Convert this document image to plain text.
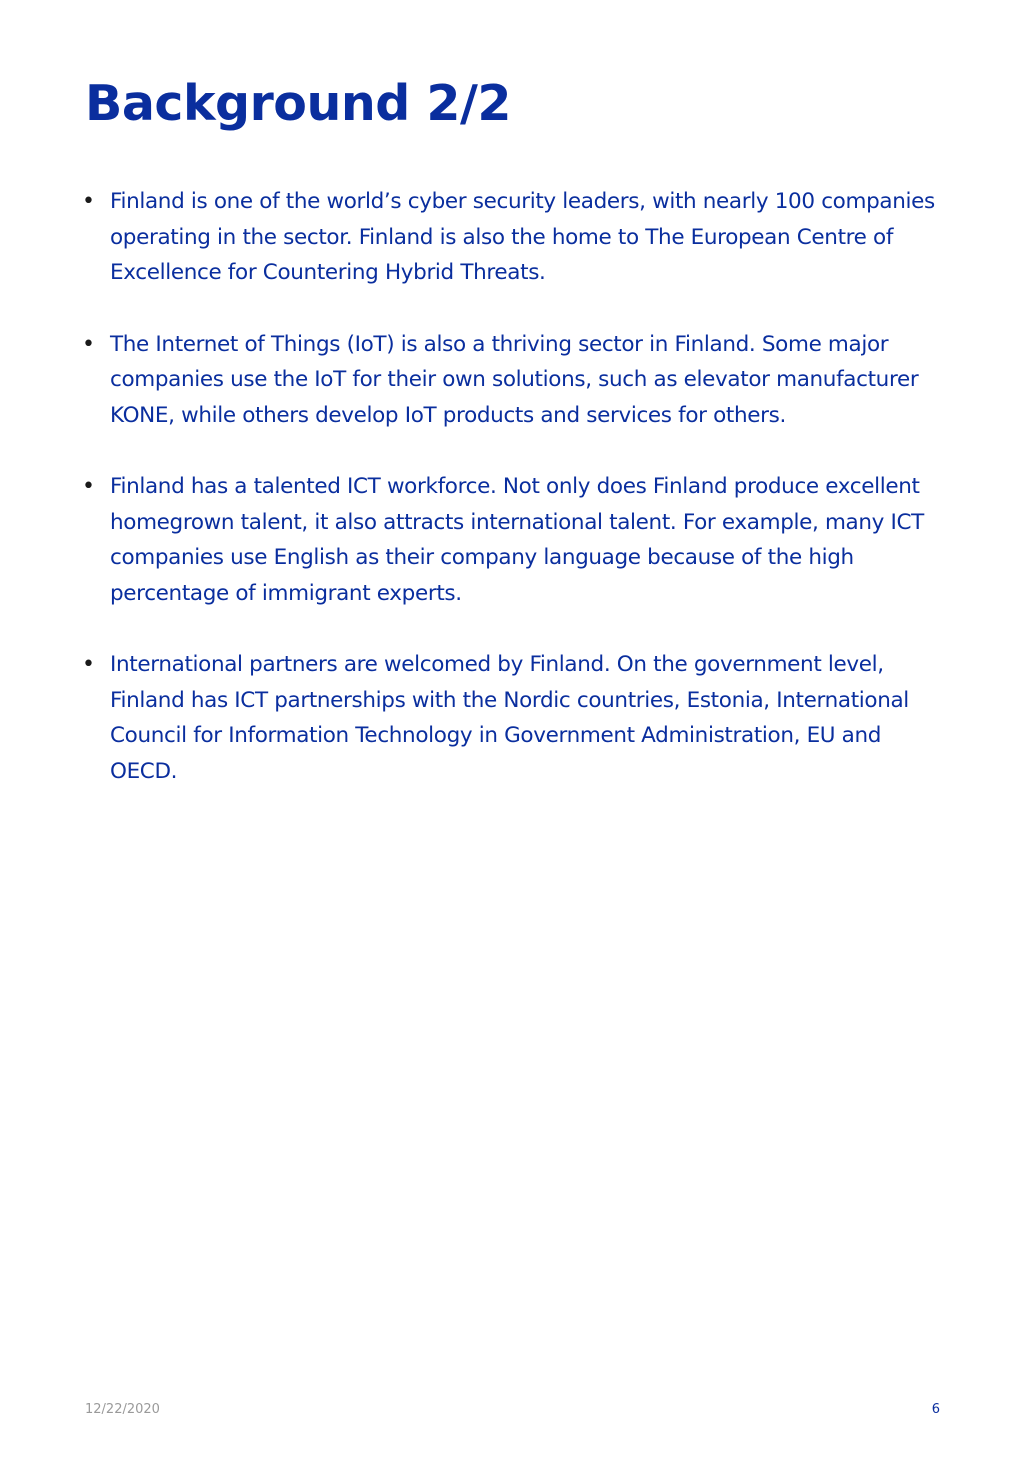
Background 2/2
• Finland is one of the world’s cyber security leaders, with nearly 100 companies operating in the sector. Finland is also the home to The European Centre of Excellence for Countering Hybrid Threats.
• The Internet of Things (IoT) is also a thriving sector in Finland. Some major companies use the IoT for their own solutions, such as elevator manufacturer KONE, while others develop IoT products and services for others.
• Finland has a talented ICT workforce. Not only does Finland produce excellent homegrown talent, it also attracts international talent. For example, many ICT companies use English as their company language because of the high percentage of immigrant experts.
• International partners are welcomed by Finland. On the government level, Finland has ICT partnerships with the Nordic countries, Estonia, International Council for Information Technology in Government Administration, EU and OECD.
12/22/2020	6
